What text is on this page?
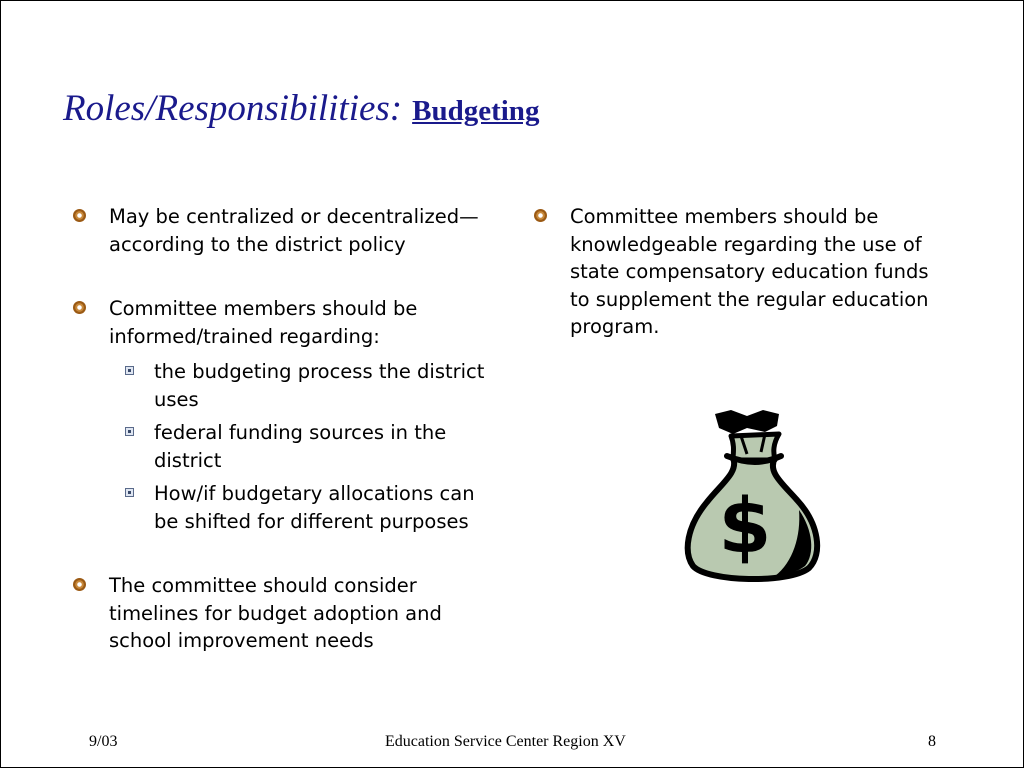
Roles/Responsibilities: Budgeting
May be centralized or decentralized—according to the district policy
Committee members should be informed/trained regarding:
the budgeting process the district uses
federal funding sources in the district
How/if budgetary allocations can be shifted for different purposes
The committee should consider timelines for budget adoption and school improvement needs
Committee members should be knowledgeable regarding the use of state compensatory education funds to supplement the regular education program.
$
9/03	Education Service Center Region XV	8
